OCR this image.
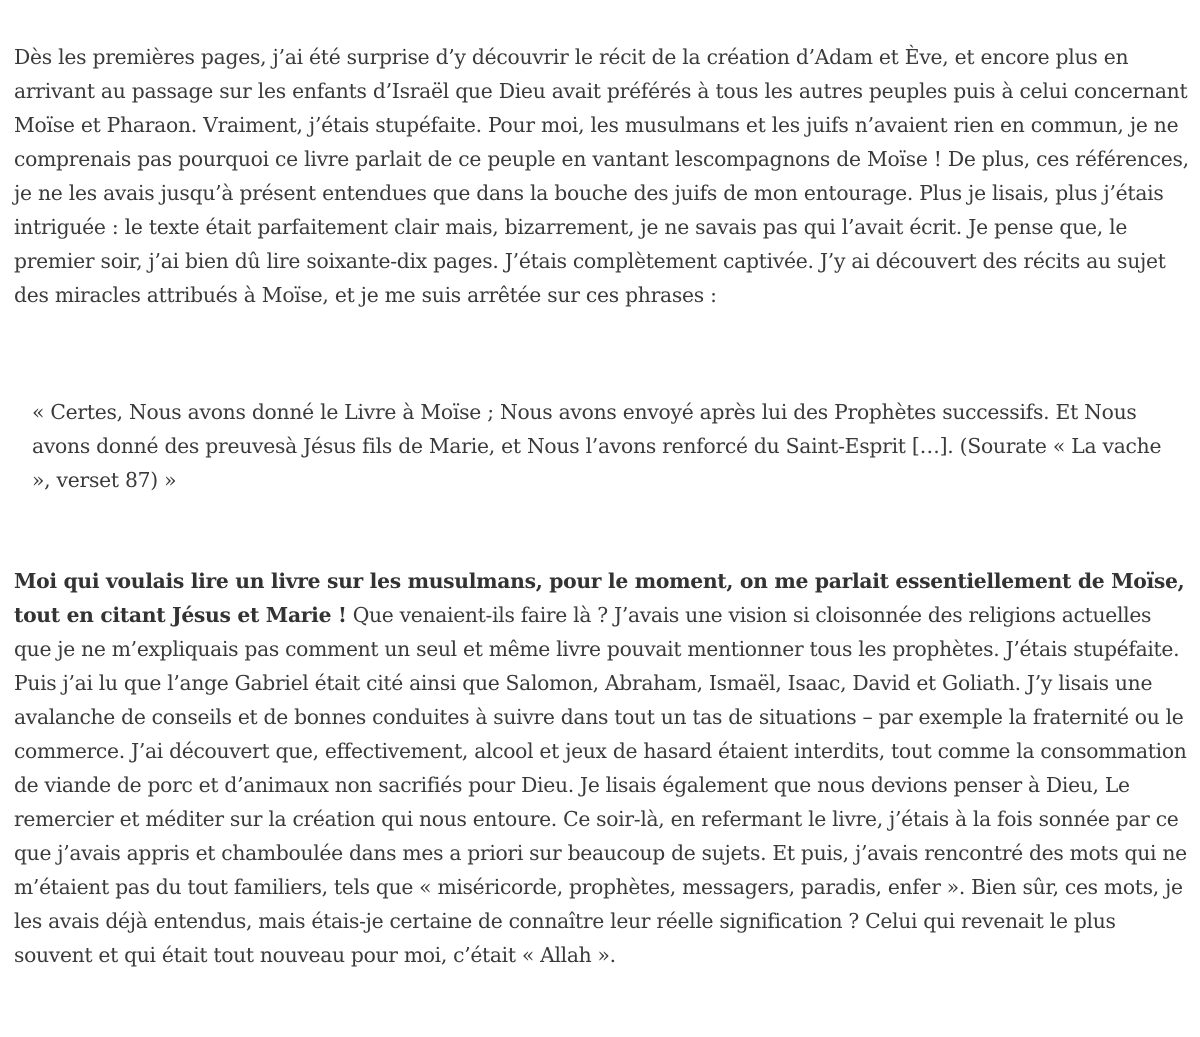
Dès les premières pages, j’ai été surprise d’y découvrir le récit de la création d’Adam et Ève, et encore plus en arrivant au passage sur les enfants d’Israël que Dieu avait préférés à tous les autres peuples puis à celui concernant Moïse et Pharaon. Vraiment, j’étais stupéfaite. Pour moi, les musulmans et les juifs n’avaient rien en commun, je ne comprenais pas pourquoi ce livre parlait de ce peuple en vantant lescompagnons de Moïse ! De plus, ces références, je ne les avais jusqu’à présent entendues que dans la bouche des juifs de mon entourage. Plus je lisais, plus j’étais intriguée : le texte était parfaitement clair mais, bizarrement, je ne savais pas qui l’avait écrit. Je pense que, le premier soir, j’ai bien dû lire soixante-dix pages. J’étais complètement captivée. J’y ai découvert des récits au sujet des miracles attribués à Moïse, et je me suis arrêtée sur ces phrases :

« Certes, Nous avons donné le Livre à Moïse ; Nous avons envoyé après lui des Prophètes successifs. Et Nous avons donné des preuvesà Jésus fils de Marie, et Nous l’avons renforcé du Saint-Esprit […]. (Sourate « La vache », verset 87) »

Moi qui voulais lire un livre sur les musulmans, pour le moment, on me parlait essentiellement de Moïse, tout en citant Jésus et Marie ! Que venaient-ils faire là ? J’avais une vision si cloisonnée des religions actuelles que je ne m’expliquais pas comment un seul et même livre pouvait mentionner tous les prophètes. J’étais stupéfaite. Puis j’ai lu que l’ange Gabriel était cité ainsi que Salomon, Abraham, Ismaël, Isaac, David et Goliath. J’y lisais une avalanche de conseils et de bonnes conduites à suivre dans tout un tas de situations – par exemple la fraternité ou le commerce. J’ai découvert que, effectivement, alcool et jeux de hasard étaient interdits, tout comme la consommation de viande de porc et d’animaux non sacrifiés pour Dieu. Je lisais également que nous devions penser à Dieu, Le remercier et méditer sur la création qui nous entoure. Ce soir-là, en refermant le livre, j’étais à la fois sonnée par ce que j’avais appris et chamboulée dans mes a priori sur beaucoup de sujets. Et puis, j’avais rencontré des mots qui ne m’étaient pas du tout familiers, tels que « miséricorde, prophètes, messagers, paradis, enfer ». Bien sûr, ces mots, je les avais déjà entendus, mais étais-je certaine de connaître leur réelle signification ? Celui qui revenait le plus souvent et qui était tout nouveau pour moi, c’était « Allah ».
